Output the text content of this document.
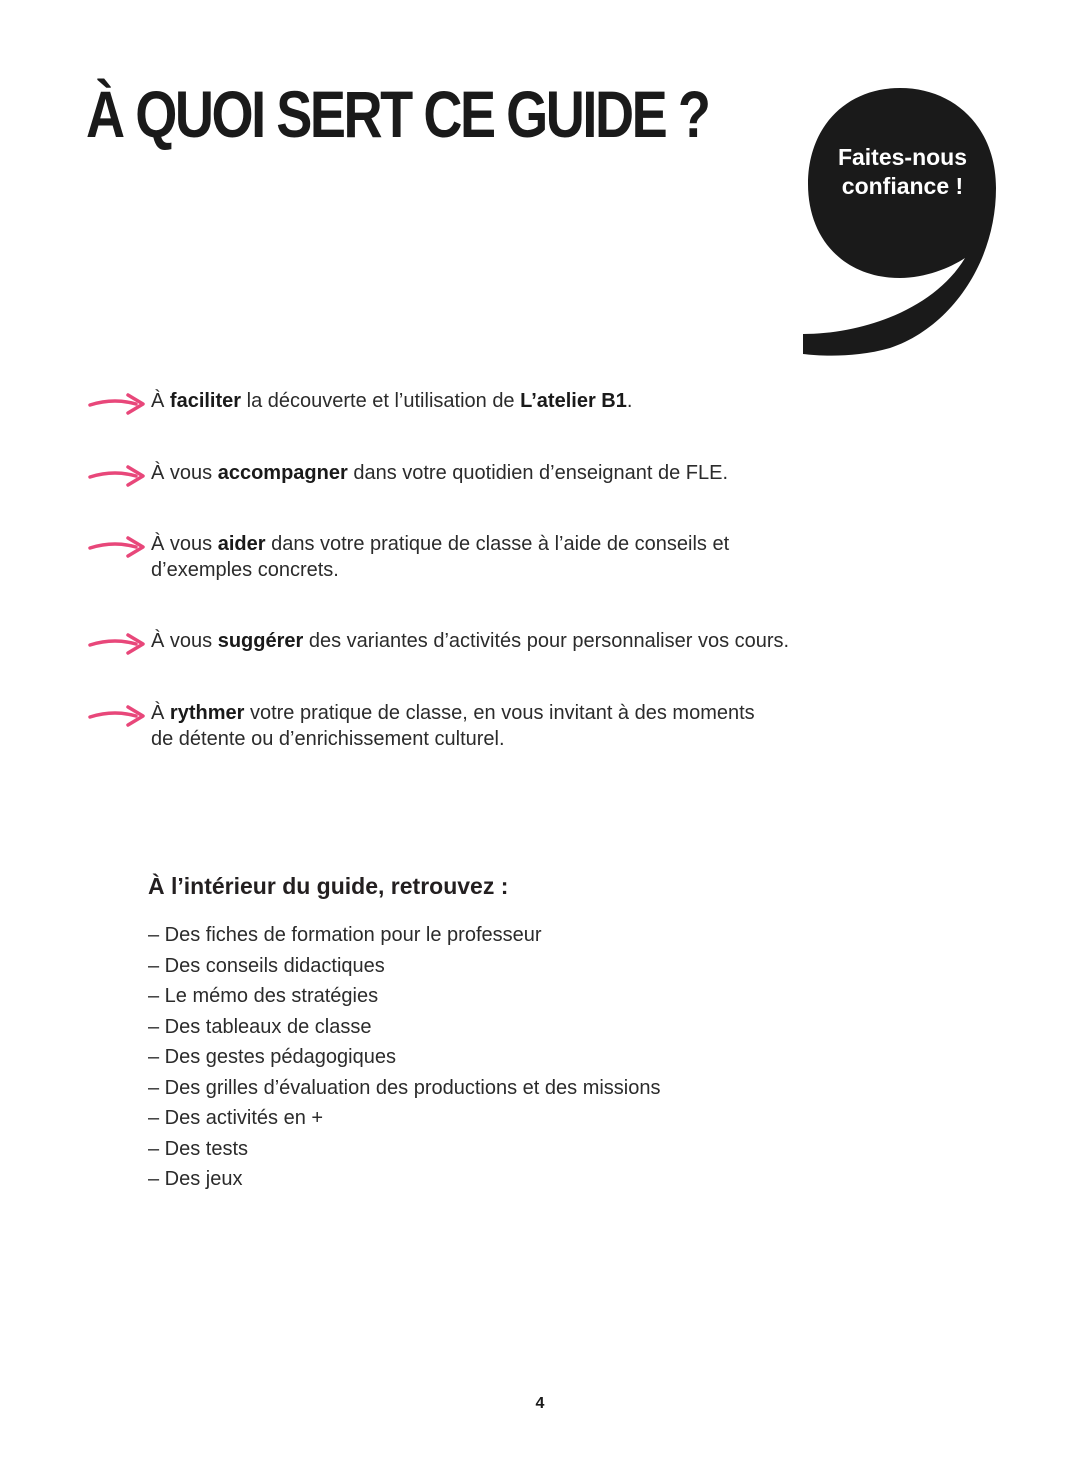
À QUOI SERT CE GUIDE ?
Faites-nous
confiance !
À faciliter la découverte et l’utilisation de L’atelier B1.
À vous accompagner dans votre quotidien d’enseignant de FLE.
À vous aider dans votre pratique de classe à l’aide de conseils et
d’exemples concrets.
À vous suggérer des variantes d’activités pour personnaliser vos cours.
À rythmer votre pratique de classe, en vous invitant à des moments
de détente ou d’enrichissement culturel.
À l’intérieur du guide, retrouvez :
– Des fiches de formation pour le professeur
– Des conseils didactiques
– Le mémo des stratégies
– Des tableaux de classe
– Des gestes pédagogiques
– Des grilles d’évaluation des productions et des missions
– Des activités en +
– Des tests
– Des jeux
4
